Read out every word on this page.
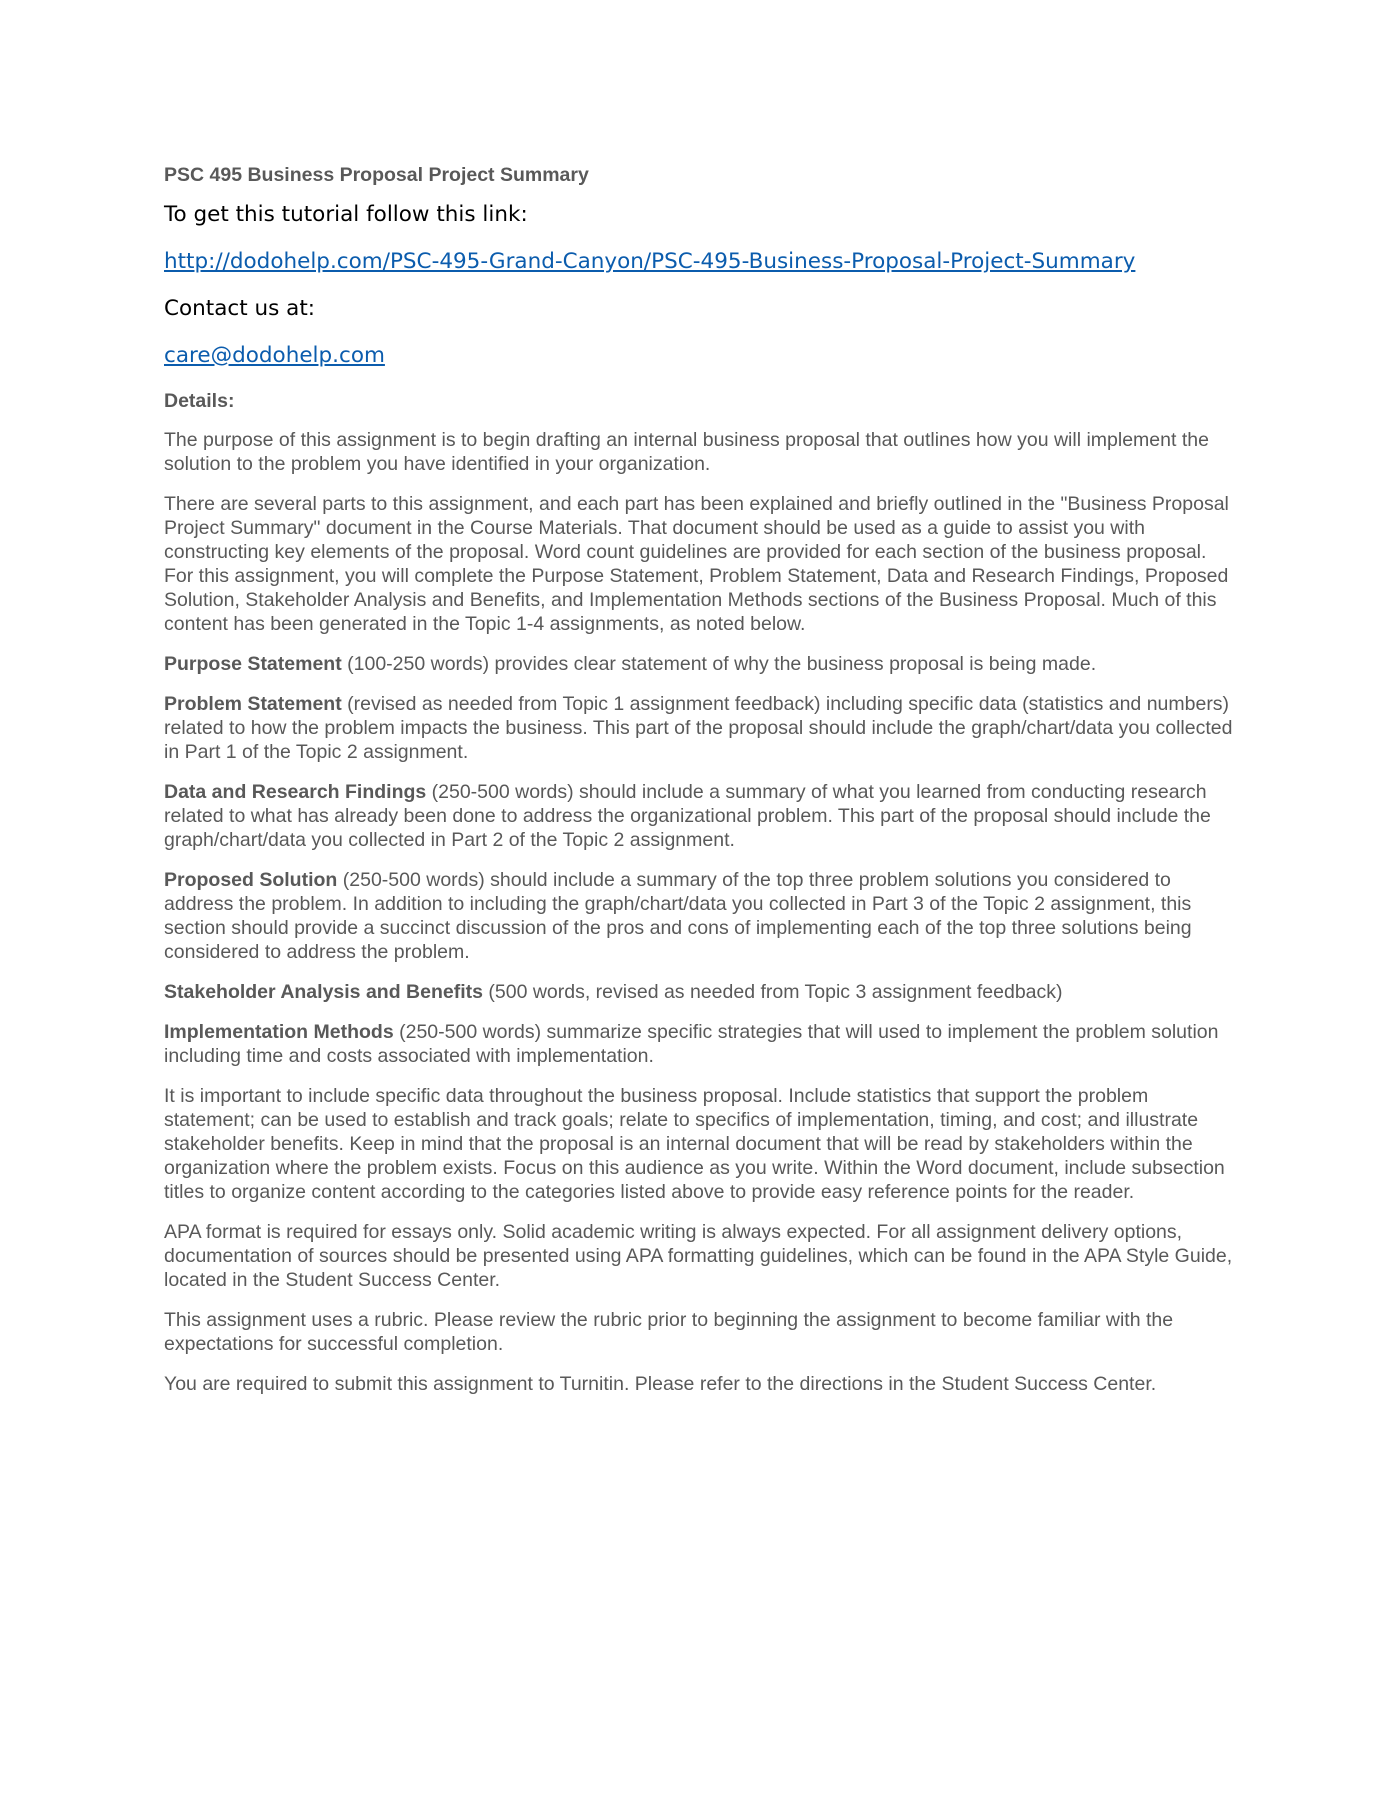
PSC 495 Business Proposal Project Summary
To get this tutorial follow this link:
http://dodohelp.com/PSC-495-Grand-Canyon/PSC-495-Business-Proposal-Project-Summary
Contact us at:
care@dodohelp.com
Details:

The purpose of this assignment is to begin drafting an internal business proposal that outlines how you will implement the solution to the problem you have identified in your organization.

There are several parts to this assignment, and each part has been explained and briefly outlined in the "Business Proposal Project Summary" document in the Course Materials. That document should be used as a guide to assist you with constructing key elements of the proposal. Word count guidelines are provided for each section of the business proposal. For this assignment, you will complete the Purpose Statement, Problem Statement, Data and Research Findings, Proposed Solution, Stakeholder Analysis and Benefits, and Implementation Methods sections of the Business Proposal. Much of this content has been generated in the Topic 1-4 assignments, as noted below.

Purpose Statement (100-250 words) provides clear statement of why the business proposal is being made.

Problem Statement (revised as needed from Topic 1 assignment feedback) including specific data (statistics and numbers) related to how the problem impacts the business. This part of the proposal should include the graph/chart/data you collected in Part 1 of the Topic 2 assignment.

Data and Research Findings (250-500 words) should include a summary of what you learned from conducting research related to what has already been done to address the organizational problem. This part of the proposal should include the graph/chart/data you collected in Part 2 of the Topic 2 assignment.

Proposed Solution (250-500 words) should include a summary of the top three problem solutions you considered to address the problem. In addition to including the graph/chart/data you collected in Part 3 of the Topic 2 assignment, this section should provide a succinct discussion of the pros and cons of implementing each of the top three solutions being considered to address the problem.

Stakeholder Analysis and Benefits (500 words, revised as needed from Topic 3 assignment feedback)

Implementation Methods (250-500 words) summarize specific strategies that will used to implement the problem solution including time and costs associated with implementation.

It is important to include specific data throughout the business proposal. Include statistics that support the problem statement; can be used to establish and track goals; relate to specifics of implementation, timing, and cost; and illustrate stakeholder benefits. Keep in mind that the proposal is an internal document that will be read by stakeholders within the organization where the problem exists. Focus on this audience as you write. Within the Word document, include subsection titles to organize content according to the categories listed above to provide easy reference points for the reader.

APA format is required for essays only. Solid academic writing is always expected. For all assignment delivery options, documentation of sources should be presented using APA formatting guidelines, which can be found in the APA Style Guide, located in the Student Success Center.

This assignment uses a rubric. Please review the rubric prior to beginning the assignment to become familiar with the expectations for successful completion.

You are required to submit this assignment to Turnitin. Please refer to the directions in the Student Success Center.
